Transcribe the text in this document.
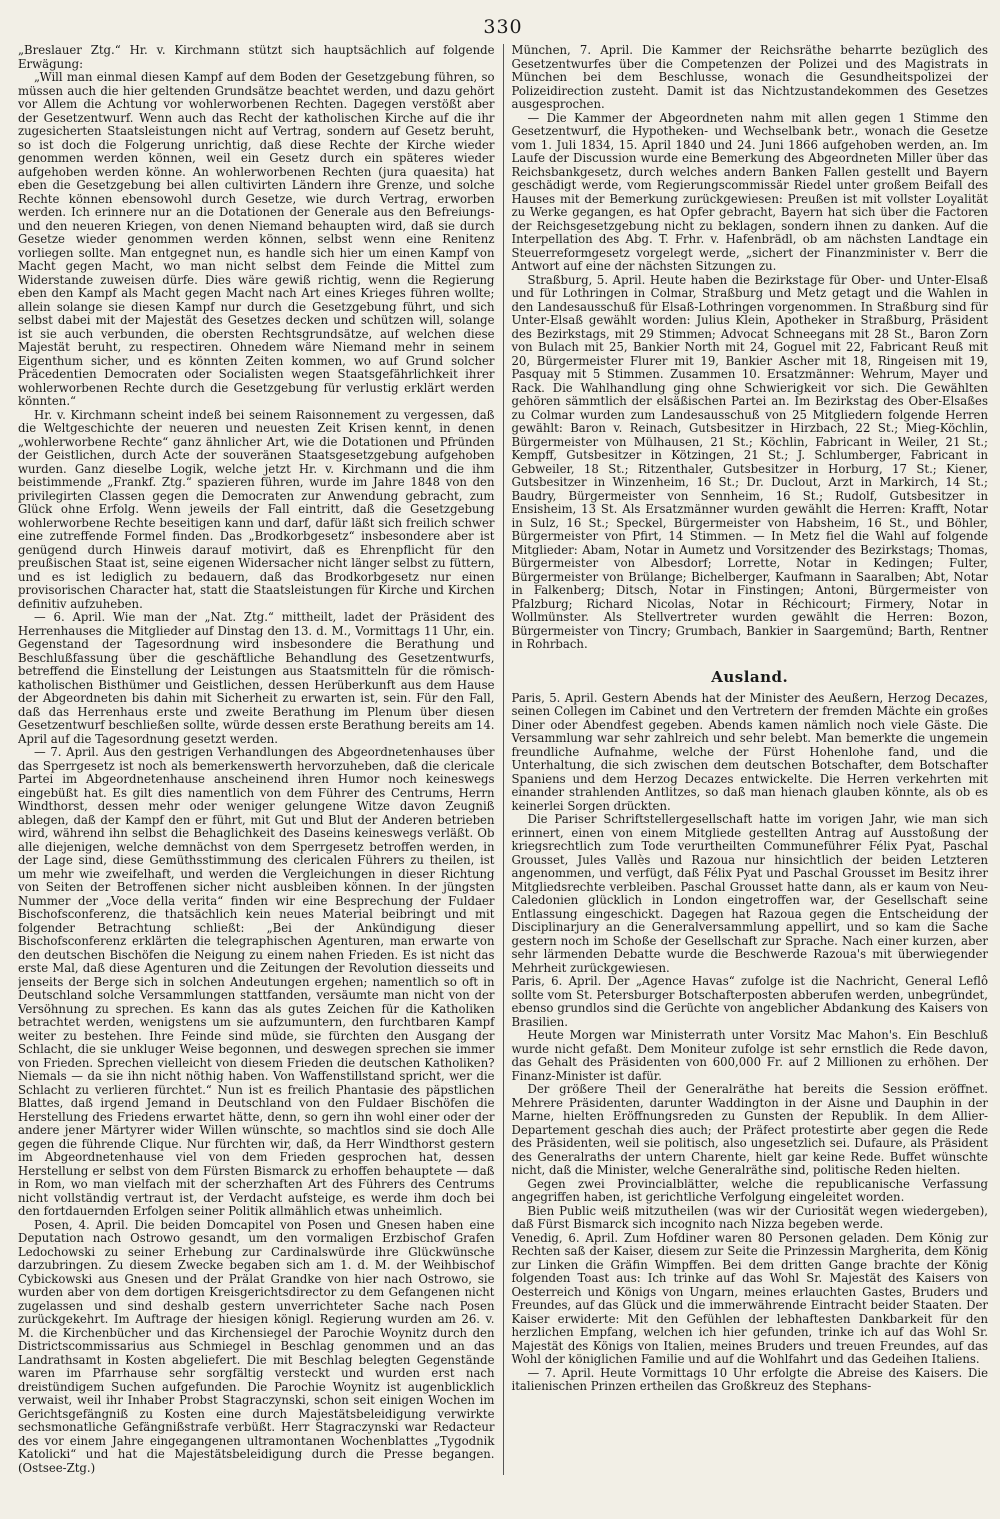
330

„Breslauer Ztg.“ Hr. v. Kirchmann stützt sich hauptsächlich auf folgende Erwägung:

„Will man einmal diesen Kampf auf dem Boden der Gesetzgebung führen, so müssen auch die hier geltenden Grundsätze beachtet werden, und dazu gehört vor Allem die Achtung vor wohlerworbenen Rechten. Dagegen verstößt aber der Gesetzentwurf. Wenn auch das Recht der katholischen Kirche auf die ihr zugesicherten Staatsleistungen nicht auf Vertrag, sondern auf Gesetz beruht, so ist doch die Folgerung unrichtig, daß diese Rechte der Kirche wieder genommen werden können, weil ein Gesetz durch ein späteres wieder aufgehoben werden könne. An wohlerworbenen Rechten (jura quaesita) hat eben die Gesetzgebung bei allen cultivirten Ländern ihre Grenze, und solche Rechte können ebensowohl durch Gesetze, wie durch Vertrag, erworben werden. Ich erinnere nur an die Dotationen der Generale aus den Befreiungs- und den neueren Kriegen, von denen Niemand behaupten wird, daß sie durch Gesetze wieder genommen werden können, selbst wenn eine Renitenz vorliegen sollte. Man entgegnet nun, es handle sich hier um einen Kampf von Macht gegen Macht, wo man nicht selbst dem Feinde die Mittel zum Widerstande zuweisen dürfe. Dies wäre gewiß richtig, wenn die Regierung eben den Kampf als Macht gegen Macht nach Art eines Krieges führen wollte; allein solange sie diesen Kampf nur durch die Gesetzgebung führt, und sich selbst dabei mit der Majestät des Gesetzes decken und schützen will, solange ist sie auch verbunden, die obersten Rechtsgrundsätze, auf welchen diese Majestät beruht, zu respectiren. Ohnedem wäre Niemand mehr in seinem Eigenthum sicher, und es könnten Zeiten kommen, wo auf Grund solcher Präcedentien Democraten oder Socialisten wegen Staatsgefährlichkeit ihrer wohlerworbenen Rechte durch die Gesetzgebung für verlustig erklärt werden könnten.“

Hr. v. Kirchmann scheint indeß bei seinem Raisonnement zu vergessen, daß die Weltgeschichte der neueren und neuesten Zeit Krisen kennt, in denen „wohlerworbene Rechte“ ganz ähnlicher Art, wie die Dotationen und Pfründen der Geistlichen, durch Acte der souveränen Staatsgesetzgebung aufgehoben wurden. Ganz dieselbe Logik, welche jetzt Hr. v. Kirchmann und die ihm beistimmende „Frankf. Ztg.“ spazieren führen, wurde im Jahre 1848 von den privilegirten Classen gegen die Democraten zur Anwendung gebracht, zum Glück ohne Erfolg. Wenn jeweils der Fall eintritt, daß die Gesetzgebung wohlerworbene Rechte beseitigen kann und darf, dafür läßt sich freilich schwer eine zutreffende Formel finden. Das „Brodkorbgesetz“ insbesondere aber ist genügend durch Hinweis darauf motivirt, daß es Ehrenpflicht für den preußischen Staat ist, seine eigenen Widersacher nicht länger selbst zu füttern, und es ist lediglich zu bedauern, daß das Brodkorbgesetz nur einen provisorischen Character hat, statt die Staatsleistungen für Kirche und Kirchen definitiv aufzuheben.

— 6. April. Wie man der „Nat. Ztg.“ mittheilt, ladet der Präsident des Herrenhauses die Mitglieder auf Dinstag den 13. d. M., Vormittags 11 Uhr, ein. Gegenstand der Tagesordnung wird insbesondere die Berathung und Beschlußfassung über die geschäftliche Behandlung des Gesetzentwurfs, betreffend die Einstellung der Leistungen aus Staatsmitteln für die römisch-katholischen Bisthümer und Geistlichen, dessen Herüberkunft aus dem Hause der Abgeordneten bis dahin mit Sicherheit zu erwarten ist, sein. Für den Fall, daß das Herrenhaus erste und zweite Berathung im Plenum über diesen Gesetzentwurf beschließen sollte, würde dessen erste Berathung bereits am 14. April auf die Tagesordnung gesetzt werden.

— 7. April. Aus den gestrigen Verhandlungen des Abgeordnetenhauses über das Sperrgesetz ist noch als bemerkenswerth hervorzuheben, daß die clericale Partei im Abgeordnetenhause anscheinend ihren Humor noch keineswegs eingebüßt hat. Es gilt dies namentlich von dem Führer des Centrums, Herrn Windthorst, dessen mehr oder weniger gelungene Witze davon Zeugniß ablegen, daß der Kampf den er führt, mit Gut und Blut der Anderen betrieben wird, während ihn selbst die Behaglichkeit des Daseins keineswegs verläßt. Ob alle diejenigen, welche demnächst von dem Sperrgesetz betroffen werden, in der Lage sind, diese Gemüthsstimmung des clericalen Führers zu theilen, ist um mehr wie zweifelhaft, und werden die Vergleichungen in dieser Richtung von Seiten der Betroffenen sicher nicht ausbleiben können. In der jüngsten Nummer der „Voce della verita“ finden wir eine Besprechung der Fuldaer Bischofsconferenz, die thatsächlich kein neues Material beibringt und mit folgender Betrachtung schließt: „Bei der Ankündigung dieser Bischofsconferenz erklärten die telegraphischen Agenturen, man erwarte von den deutschen Bischöfen die Neigung zu einem nahen Frieden. Es ist nicht das erste Mal, daß diese Agenturen und die Zeitungen der Revolution diesseits und jenseits der Berge sich in solchen Andeutungen ergehen; namentlich so oft in Deutschland solche Versammlungen stattfanden, versäumte man nicht von der Versöhnung zu sprechen. Es kann das als gutes Zeichen für die Katholiken betrachtet werden, wenigstens um sie aufzumuntern, den furchtbaren Kampf weiter zu bestehen. Ihre Feinde sind müde, sie fürchten den Ausgang der Schlacht, die sie unkluger Weise begonnen, und deswegen sprechen sie immer von Frieden. Sprechen vielleicht von diesem Frieden die deutschen Katholiken? Niemals — da sie ihn nicht nöthig haben. Von Waffenstillstand spricht, wer die Schlacht zu verlieren fürchtet.“ Nun ist es freilich Phantasie des päpstlichen Blattes, daß irgend Jemand in Deutschland von den Fuldaer Bischöfen die Herstellung des Friedens erwartet hätte, denn, so gern ihn wohl einer oder der andere jener Märtyrer wider Willen wünschte, so machtlos sind sie doch Alle gegen die führende Clique. Nur fürchten wir, daß, da Herr Windthorst gestern im Abgeordnetenhause viel von dem Frieden gesprochen hat, dessen Herstellung er selbst von dem Fürsten Bismarck zu erhoffen behauptete — daß in Rom, wo man vielfach mit der scherzhaften Art des Führers des Centrums nicht vollständig vertraut ist, der Verdacht aufsteige, es werde ihm doch bei den fortdauernden Erfolgen seiner Politik allmählich etwas unheimlich.

Posen, 4. April. Die beiden Domcapitel von Posen und Gnesen haben eine Deputation nach Ostrowo gesandt, um den vormaligen Erzbischof Grafen Ledochowski zu seiner Erhebung zur Cardinalswürde ihre Glückwünsche darzubringen. Zu diesem Zwecke begaben sich am 1. d. M. der Weihbischof Cybickowski aus Gnesen und der Prälat Grandke von hier nach Ostrowo, sie wurden aber von dem dortigen Kreisgerichtsdirector zu dem Gefangenen nicht zugelassen und sind deshalb gestern unverrichteter Sache nach Posen zurückgekehrt. Im Auftrage der hiesigen königl. Regierung wurden am 26. v. M. die Kirchenbücher und das Kirchensiegel der Parochie Woynitz durch den Districtscommissarius aus Schmiegel in Beschlag genommen und an das Landrathsamt in Kosten abgeliefert. Die mit Beschlag belegten Gegenstände waren im Pfarrhause sehr sorgfältig versteckt und wurden erst nach dreistündigem Suchen aufgefunden. Die Parochie Woynitz ist augenblicklich verwaist, weil ihr Inhaber Probst Stagraczynski, schon seit einigen Wochen im Gerichtsgefängniß zu Kosten eine durch Majestätsbeleidigung verwirkte sechsmonatliche Gefängnißstrafe verbüßt. Herr Stagraczynski war Redacteur des vor einem Jahre eingegangenen ultramontanen Wochenblattes „Tygodnik Katolicki“ und hat die Majestätsbeleidigung durch die Presse begangen. (Ostsee-Ztg.)

München, 7. April. Die Kammer der Reichsräthe beharrte bezüglich des Gesetzentwurfes über die Competenzen der Polizei und des Magistrats in München bei dem Beschlusse, wonach die Gesundheitspolizei der Polizeidirection zusteht. Damit ist das Nichtzustandekommen des Gesetzes ausgesprochen.

— Die Kammer der Abgeordneten nahm mit allen gegen 1 Stimme den Gesetzentwurf, die Hypotheken- und Wechselbank betr., wonach die Gesetze vom 1. Juli 1834, 15. April 1840 und 24. Juni 1866 aufgehoben werden, an. Im Laufe der Discussion wurde eine Bemerkung des Abgeordneten Miller über das Reichsbankgesetz, durch welches andern Banken Fallen gestellt und Bayern geschädigt werde, vom Regierungscommissär Riedel unter großem Beifall des Hauses mit der Bemerkung zurückgewiesen: Preußen ist mit vollster Loyalität zu Werke gegangen, es hat Opfer gebracht, Bayern hat sich über die Factoren der Reichsgesetzgebung nicht zu beklagen, sondern ihnen zu danken. Auf die Interpellation des Abg. T. Frhr. v. Hafenbrädl, ob am nächsten Landtage ein Steuerreformgesetz vorgelegt werde, „sichert der Finanzminister v. Berr die Antwort auf eine der nächsten Sitzungen zu.

Straßburg, 5. April. Heute haben die Bezirkstage für Ober- und Unter-Elsaß und für Lothringen in Colmar, Straßburg und Metz getagt und die Wahlen in den Landesausschuß für Elsaß-Lothringen vorgenommen. In Straßburg sind für Unter-Elsaß gewählt worden: Julius Klein, Apotheker in Straßburg, Präsident des Bezirkstags, mit 29 Stimmen; Advocat Schneegans mit 28 St., Baron Zorn von Bulach mit 25, Bankier North mit 24, Goguel mit 22, Fabricant Reuß mit 20, Bürgermeister Flurer mit 19, Bankier Ascher mit 18, Ringeisen mit 19, Pasquay mit 5 Stimmen. Zusammen 10. Ersatzmänner: Wehrum, Mayer und Rack. Die Wahlhandlung ging ohne Schwierigkeit vor sich. Die Gewählten gehören sämmtlich der elsäßischen Partei an. Im Bezirkstag des Ober-Elsaßes zu Colmar wurden zum Landesausschuß von 25 Mitgliedern folgende Herren gewählt: Baron v. Reinach, Gutsbesitzer in Hirzbach, 22 St.; Mieg-Köchlin, Bürgermeister von Mülhausen, 21 St.; Köchlin, Fabricant in Weiler, 21 St.; Kempff, Gutsbesitzer in Kötzingen, 21 St.; J. Schlumberger, Fabricant in Gebweiler, 18 St.; Ritzenthaler, Gutsbesitzer in Horburg, 17 St.; Kiener, Gutsbesitzer in Winzenheim, 16 St.; Dr. Duclout, Arzt in Markirch, 14 St.; Baudry, Bürgermeister von Sennheim, 16 St.; Rudolf, Gutsbesitzer in Ensisheim, 13 St. Als Ersatzmänner wurden gewählt die Herren: Krafft, Notar in Sulz, 16 St.; Speckel, Bürgermeister von Habsheim, 16 St., und Böhler, Bürgermeister von Pfirt, 14 Stimmen. — In Metz fiel die Wahl auf folgende Mitglieder: Abam, Notar in Aumetz und Vorsitzender des Bezirkstags; Thomas, Bürgermeister von Albesdorf; Lorrette, Notar in Kedingen; Fulter, Bürgermeister von Brülange; Bichelberger, Kaufmann in Saaralben; Abt, Notar in Falkenberg; Ditsch, Notar in Finstingen; Antoni, Bürgermeister von Pfalzburg; Richard Nicolas, Notar in Réchicourt; Firmery, Notar in Wollmünster. Als Stellvertreter wurden gewählt die Herren: Bozon, Bürgermeister von Tincry; Grumbach, Bankier in Saargemünd; Barth, Rentner in Rohrbach.

Ausland.

Paris, 5. April. Gestern Abends hat der Minister des Aeußern, Herzog Decazes, seinen Collegen im Cabinet und den Vertretern der fremden Mächte ein großes Diner oder Abendfest gegeben. Abends kamen nämlich noch viele Gäste. Die Versammlung war sehr zahlreich und sehr belebt. Man bemerkte die ungemein freundliche Aufnahme, welche der Fürst Hohenlohe fand, und die Unterhaltung, die sich zwischen dem deutschen Botschafter, dem Botschafter Spaniens und dem Herzog Decazes entwickelte. Die Herren verkehrten mit einander strahlenden Antlitzes, so daß man hienach glauben könnte, als ob es keinerlei Sorgen drückten.

Die Pariser Schriftstellergesellschaft hatte im vorigen Jahr, wie man sich erinnert, einen von einem Mitgliede gestellten Antrag auf Ausstoßung der kriegsrechtlich zum Tode verurtheilten Communeführer Félix Pyat, Paschal Grousset, Jules Vallès und Razoua nur hinsichtlich der beiden Letzteren angenommen, und verfügt, daß Félix Pyat und Paschal Grousset im Besitz ihrer Mitgliedsrechte verbleiben. Paschal Grousset hatte dann, als er kaum von Neu-Caledonien glücklich in London eingetroffen war, der Gesellschaft seine Entlassung eingeschickt. Dagegen hat Razoua gegen die Entscheidung der Disciplinarjury an die Generalversammlung appellirt, und so kam die Sache gestern noch im Schoße der Gesellschaft zur Sprache. Nach einer kurzen, aber sehr lärmenden Debatte wurde die Beschwerde Razoua's mit überwiegender Mehrheit zurückgewiesen.

Paris, 6. April. Der „Agence Havas“ zufolge ist die Nachricht, General Leflô sollte vom St. Petersburger Botschafterposten abberufen werden, unbegründet, ebenso grundlos sind die Gerüchte von angeblicher Abdankung des Kaisers von Brasilien.

Heute Morgen war Ministerrath unter Vorsitz Mac Mahon's. Ein Beschluß wurde nicht gefaßt. Dem Moniteur zufolge ist sehr ernstlich die Rede davon, das Gehalt des Präsidenten von 600,000 Fr. auf 2 Millionen zu erhöhen. Der Finanz-Minister ist dafür.

Der größere Theil der Generalräthe hat bereits die Session eröffnet. Mehrere Präsidenten, darunter Waddington in der Aisne und Dauphin in der Marne, hielten Eröffnungsreden zu Gunsten der Republik. In dem Allier-Departement geschah dies auch; der Präfect protestirte aber gegen die Rede des Präsidenten, weil sie politisch, also ungesetzlich sei. Dufaure, als Präsident des Generalraths der untern Charente, hielt gar keine Rede. Buffet wünschte nicht, daß die Minister, welche Generalräthe sind, politische Reden hielten.

Gegen zwei Provincialblätter, welche die republicanische Verfassung angegriffen haben, ist gerichtliche Verfolgung eingeleitet worden.

Bien Public weiß mitzutheilen (was wir der Curiosität wegen wiedergeben), daß Fürst Bismarck sich incognito nach Nizza begeben werde.

Venedig, 6. April. Zum Hofdiner waren 80 Personen geladen. Dem König zur Rechten saß der Kaiser, diesem zur Seite die Prinzessin Margherita, dem König zur Linken die Gräfin Wimpffen. Bei dem dritten Gange brachte der König folgenden Toast aus: Ich trinke auf das Wohl Sr. Majestät des Kaisers von Oesterreich und Königs von Ungarn, meines erlauchten Gastes, Bruders und Freundes, auf das Glück und die immerwährende Eintracht beider Staaten. Der Kaiser erwiderte: Mit den Gefühlen der lebhaftesten Dankbarkeit für den herzlichen Empfang, welchen ich hier gefunden, trinke ich auf das Wohl Sr. Majestät des Königs von Italien, meines Bruders und treuen Freundes, auf das Wohl der königlichen Familie und auf die Wohlfahrt und das Gedeihen Italiens.

— 7. April. Heute Vormittags 10 Uhr erfolgte die Abreise des Kaisers. Die italienischen Prinzen ertheilen das Großkreuz des Stephans-
